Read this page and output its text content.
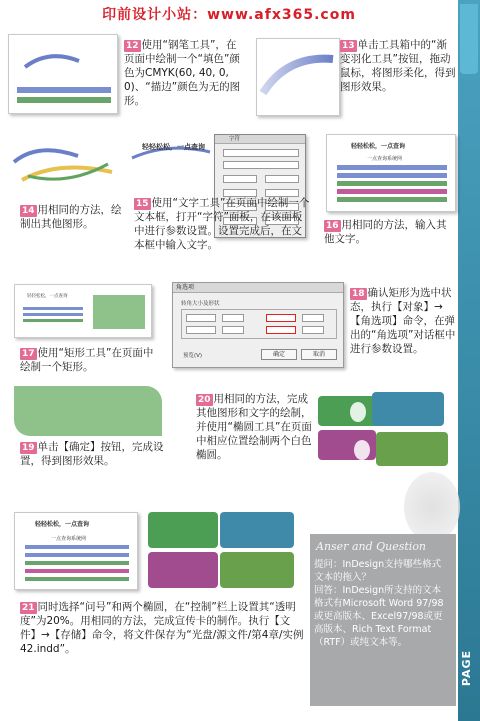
印前设计小站：www.afx365.com
PAGE
12 使用“钢笔工具”，在页面中绘制一个“填色”颜色为CMYK(60, 40, 0, 0)、“描边”颜色为无的图形。
13 单击工具箱中的“渐变羽化工具”按钮，拖动鼠标，将图形柔化，得到图形效果。
14 用相同的方法，绘制出其他图形。
轻轻松松，一点查询
字符
15 使用“文字工具”在页面中绘制一个文本框，打开“字符”面板，在该面板中进行参数设置。设置完成后，在文本框中输入文字。
轻轻松松，一点查询
一点查询系统网
16 用相同的方法，输入其他文字。
轻轻松松，一点查询
17 使用“矩形工具”在页面中绘制一个矩形。
角选项
转角大小及形状
预览(V)	确定	取消
18 确认矩形为选中状态，执行【对象】→【角选项】命令，在弹出的“角选项”对话框中进行参数设置。
19 单击【确定】按钮，完成设置，得到图形效果。
20 用相同的方法，完成其他图形和文字的绘制，并使用“椭圆工具”在页面中相应位置绘制两个白色椭圆。
轻轻松松，一点查询
一点查询系统网
21 同时选择“问号”和两个椭圆，在“控制”栏上设置其“透明度”为20%。用相同的方法，完成宣传卡的制作。执行【文件】→【存储】命令，将文件保存为“光盘/源文件/第4章/实例42.indd”。
Anser and Question
提问：InDesign支持哪些格式文本的拖入？
回答：InDesign所支持的文本格式有Microsoft Word 97/98或更高版本、Excel97/98或更高版本、Rich Text Format（RTF）或纯文本等。
